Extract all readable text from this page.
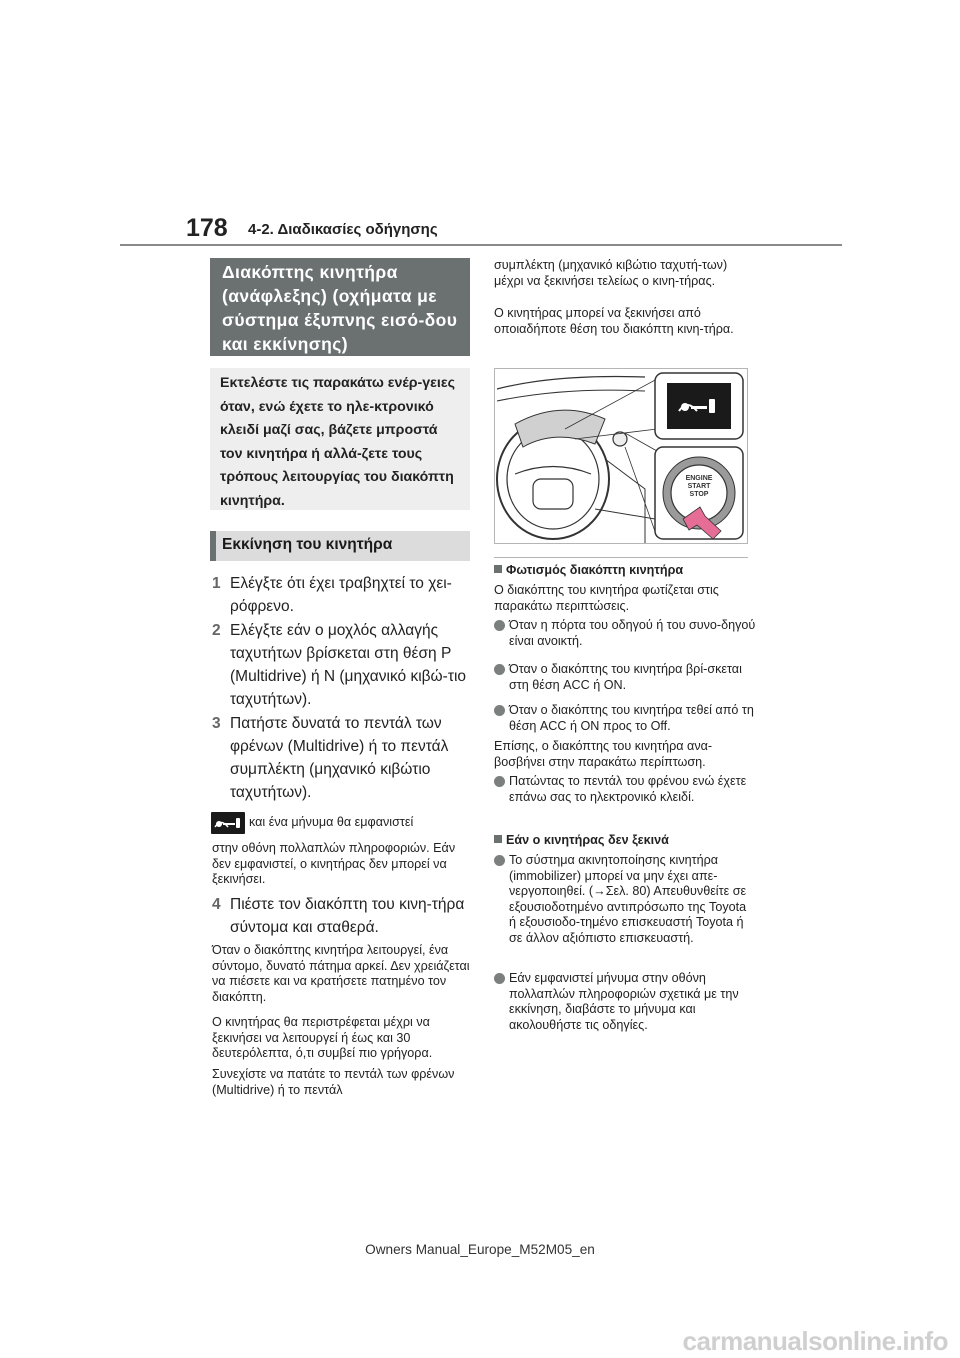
178 4-2. Διαδικασίες οδήγησης
Διακόπτης κινητήρα (ανάφλεξης) (οχήματα με σύστημα έξυπνης εισό-δου και εκκίνησης)
Εκτελέστε τις παρακάτω ενέρ-γειες όταν, ενώ έχετε το ηλε-κτρονικό κλειδί μαζί σας, βάζετε μπροστά τον κινητήρα ή αλλά-ζετε τους τρόπους λειτουργίας του διακόπτη κινητήρα.
Εκκίνηση του κινητήρα
1 Ελέγξτε ότι έχει τραβηχτεί το χει-ρόφρενο.
2 Ελέγξτε εάν ο μοχλός αλλαγής ταχυτήτων βρίσκεται στη θέση P (Multidrive) ή N (μηχανικό κιβώ-τιο ταχυτήτων).
3 Πατήστε δυνατά το πεντάλ των φρένων (Multidrive) ή το πεντάλ συμπλέκτη (μηχανικό κιβώτιο ταχυτήτων).
και ένα μήνυμα θα εμφανιστεί
στην οθόνη πολλαπλών πληροφοριών. Εάν δεν εμφανιστεί, ο κινητήρας δεν μπορεί να ξεκινήσει.
4 Πιέστε τον διακόπτη του κινη-τήρα σύντομα και σταθερά.
Όταν ο διακόπτης κινητήρα λειτουργεί, ένα σύντομο, δυνατό πάτημα αρκεί. Δεν χρειάζεται να πιέσετε και να κρατήσετε πατημένο τον διακόπτη.
Ο κινητήρας θα περιστρέφεται μέχρι να ξεκινήσει να λειτουργεί ή έως και 30 δευτερόλεπτα, ό,τι συμβεί πιο γρήγορα.
Συνεχίστε να πατάτε το πεντάλ των φρένων (Multidrive) ή το πεντάλ
συμπλέκτη (μηχανικό κιβώτιο ταχυτή-των) μέχρι να ξεκινήσει τελείως ο κινη-τήρας.
Ο κινητήρας μπορεί να ξεκινήσει από οποιαδήποτε θέση του διακόπτη κινη-τήρα.
ENGINE
START
STOP
Φωτισμός διακόπτη κινητήρα
Ο διακόπτης του κινητήρα φωτίζεται στις παρακάτω περιπτώσεις.
Όταν η πόρτα του οδηγού ή του συνο-δηγού είναι ανοικτή.
Όταν ο διακόπτης του κινητήρα βρί-σκεται στη θέση ACC ή ON.
Όταν ο διακόπτης του κινητήρα τεθεί από τη θέση ACC ή ON προς το Off.
Επίσης, ο διακόπτης του κινητήρα ανα-βοσβήνει στην παρακάτω περίπτωση.
Πατώντας το πεντάλ του φρένου ενώ έχετε επάνω σας το ηλεκτρονικό κλειδί.
Εάν ο κινητήρας δεν ξεκινά
Το σύστημα ακινητοποίησης κινητήρα (immobilizer) μπορεί να μην έχει απε-νεργοποιηθεί. (→Σελ. 80) Απευθυνθείτε σε εξουσιοδοτημένο αντιπρόσωπο της Toyota ή εξουσιοδο-τημένο επισκευαστή Toyota ή σε άλλον αξιόπιστο επισκευαστή.
Εάν εμφανιστεί μήνυμα στην οθόνη πολλαπλών πληροφοριών σχετικά με την εκκίνηση, διαβάστε το μήνυμα και ακολουθήστε τις οδηγίες.
Owners Manual_Europe_M52M05_en
carmanualsonline.info
